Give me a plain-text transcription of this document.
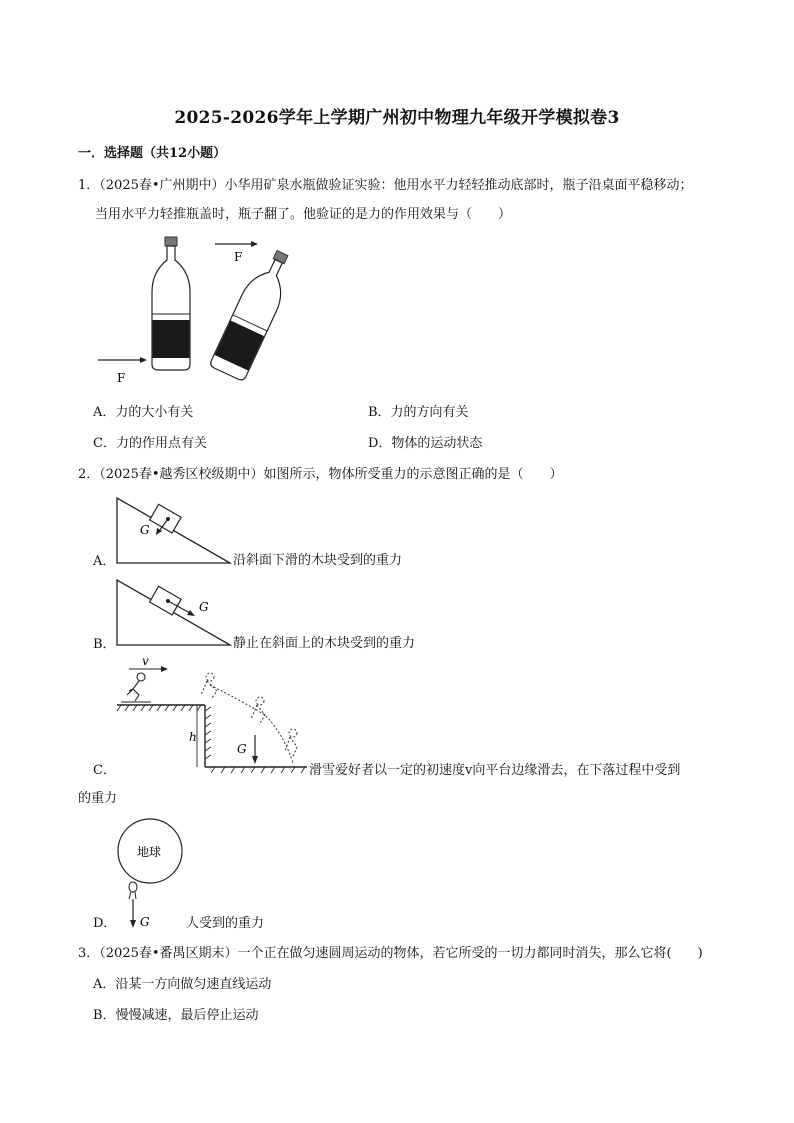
2025-2026学年上学期广州初中物理九年级开学模拟卷3
一．选择题（共12小题）
1．（2025春•广州期中）小华用矿泉水瓶做验证实验：他用水平力轻轻推动底部时，瓶子沿桌面平稳移动；
当用水平力轻推瓶盖时，瓶子翻了。他验证的是力的作用效果与（　　）
F
F
A．力的大小有关	B．力的方向有关
C．力的作用点有关	D．物体的运动状态
2．（2025春•越秀区校级期中）如图所示，物体所受重力的示意图正确的是（　　）
A．
G
沿斜面下滑的木块受到的重力
B．
G
静止在斜面上的木块受到的重力
C．
v
h
G
滑雪爱好者以一定的初速度v向平台边缘滑去，在下落过程中受到
的重力
D．
地球
G	人受到的重力
3．（2025春•番禺区期末）一个正在做匀速圆周运动的物体，若它所受的一切力都同时消失，那么它将(　　)
A．沿某一方向做匀速直线运动
B．慢慢减速，最后停止运动
